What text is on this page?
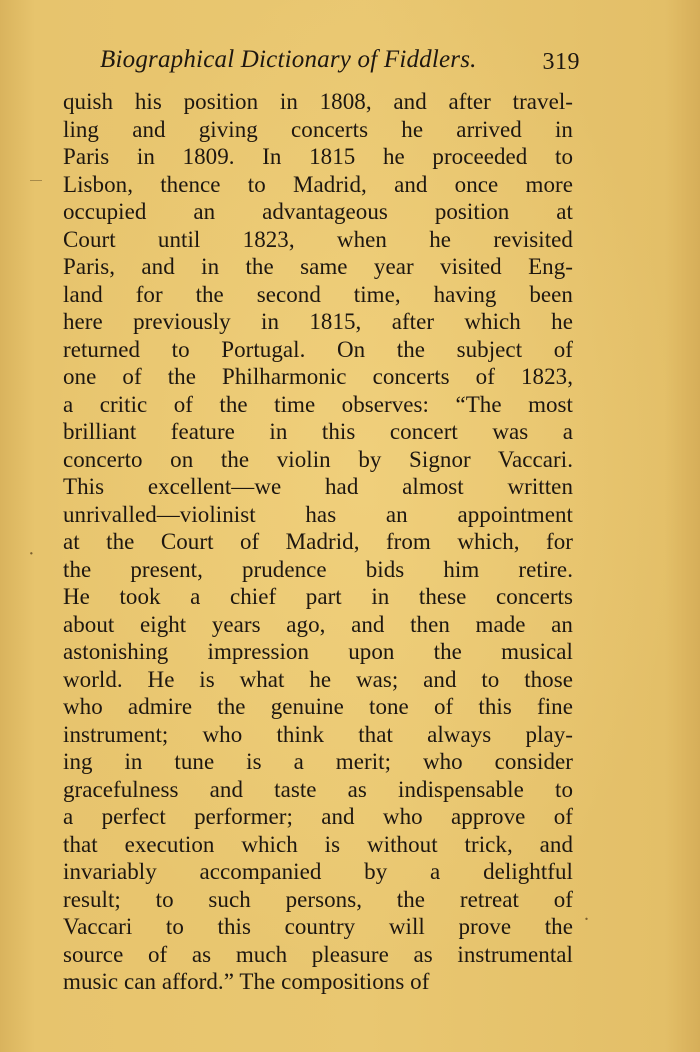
Biographical Dictionary of Fiddlers.	319
quish his position in 1808, and after travel-
ling and giving concerts he arrived in
Paris in 1809. In 1815 he proceeded to
Lisbon, thence to Madrid, and once more
occupied an advantageous position at
Court until 1823, when he revisited
Paris, and in the same year visited Eng-
land for the second time, having been
here previously in 1815, after which he
returned to Portugal. On the subject of
one of the Philharmonic concerts of 1823,
a critic of the time observes: “The most
brilliant feature in this concert was a
concerto on the violin by Signor Vaccari.
This excellent—we had almost written
unrivalled—violinist has an appointment
at the Court of Madrid, from which, for
the present, prudence bids him retire.
He took a chief part in these concerts
about eight years ago, and then made an
astonishing impression upon the musical
world. He is what he was; and to those
who admire the genuine tone of this fine
instrument; who think that always play-
ing in tune is a merit; who consider
gracefulness and taste as indispensable to
a perfect performer; and who approve of
that execution which is without trick, and
invariably accompanied by a delightful
result; to such persons, the retreat of
Vaccari to this country will prove the
source of as much pleasure as instrumental
music can afford.” The compositions of
·
.
